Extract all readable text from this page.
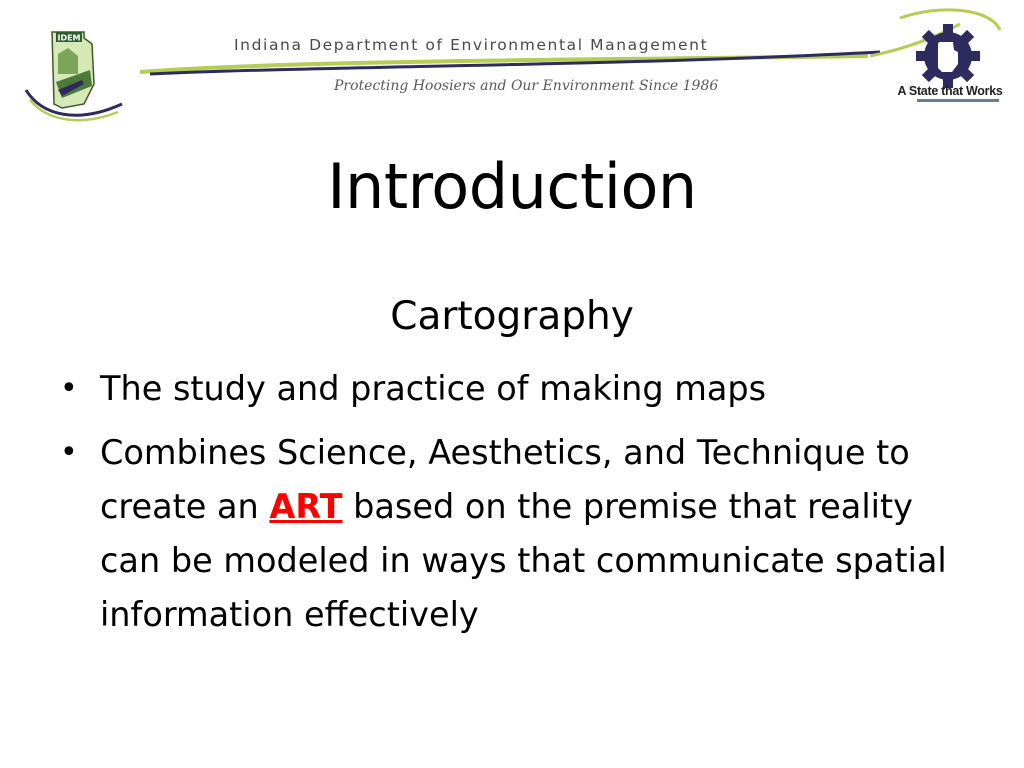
IDEM	Indiana Department of Environmental Management
Protecting Hoosiers and Our Environment Since 1986	A State that Works
Introduction
Cartography
• The study and practice of making maps
• Combines Science, Aesthetics, and Technique to create an ART based on the premise that reality can be modeled in ways that communicate spatial information effectively
